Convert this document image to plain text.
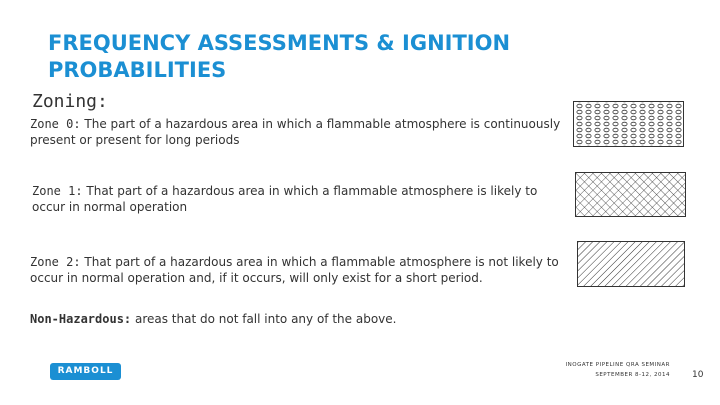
FREQUENCY ASSESSMENTS & IGNITION PROBABILITIES
Zoning:
Zone 0: The part of a hazardous area in which a flammable atmosphere is continuously present or present for long periods
Zone 1: That part of a hazardous area in which a flammable atmosphere is likely to occur in normal operation
Zone 2: That part of a hazardous area in which a flammable atmosphere is not likely to occur in normal operation and, if it occurs, will only exist for a short period.
Non-Hazardous: areas that do not fall into any of the above.
RAMBOLL
INOGATE PIPELINE QRA SEMINAR
SEPTEMBER 8-12, 2014 10
